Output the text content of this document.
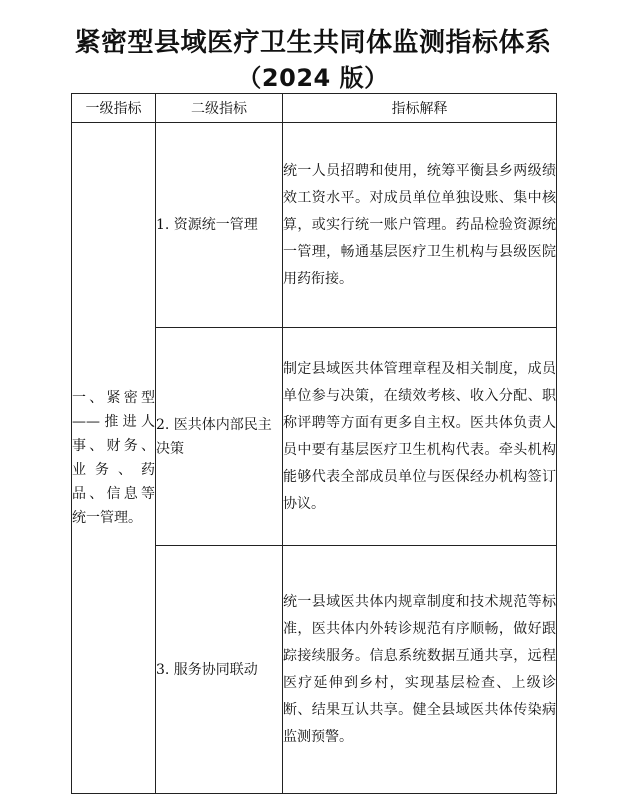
紧密型县域医疗卫生共同体监测指标体系
（2024 版）
一级指标	二级指标	指标解释
一、紧密型——推进人事、财务、业务、药品、信息等统一管理。	1. 资源统一管理	统一人员招聘和使用，统筹平衡县乡两级绩效工资水平。对成员单位单独设账、集中核算，或实行统一账户管理。药品检验资源统一管理，畅通基层医疗卫生机构与县级医院用药衔接。
	2. 医共体内部民主决策	制定县域医共体管理章程及相关制度，成员单位参与决策，在绩效考核、收入分配、职称评聘等方面有更多自主权。医共体负责人员中要有基层医疗卫生机构代表。牵头机构能够代表全部成员单位与医保经办机构签订协议。
	3. 服务协同联动	统一县域医共体内规章制度和技术规范等标准，医共体内外转诊规范有序顺畅，做好跟踪接续服务。信息系统数据互通共享，远程医疗延伸到乡村，实现基层检查、上级诊断、结果互认共享。健全县域医共体传染病监测预警。
